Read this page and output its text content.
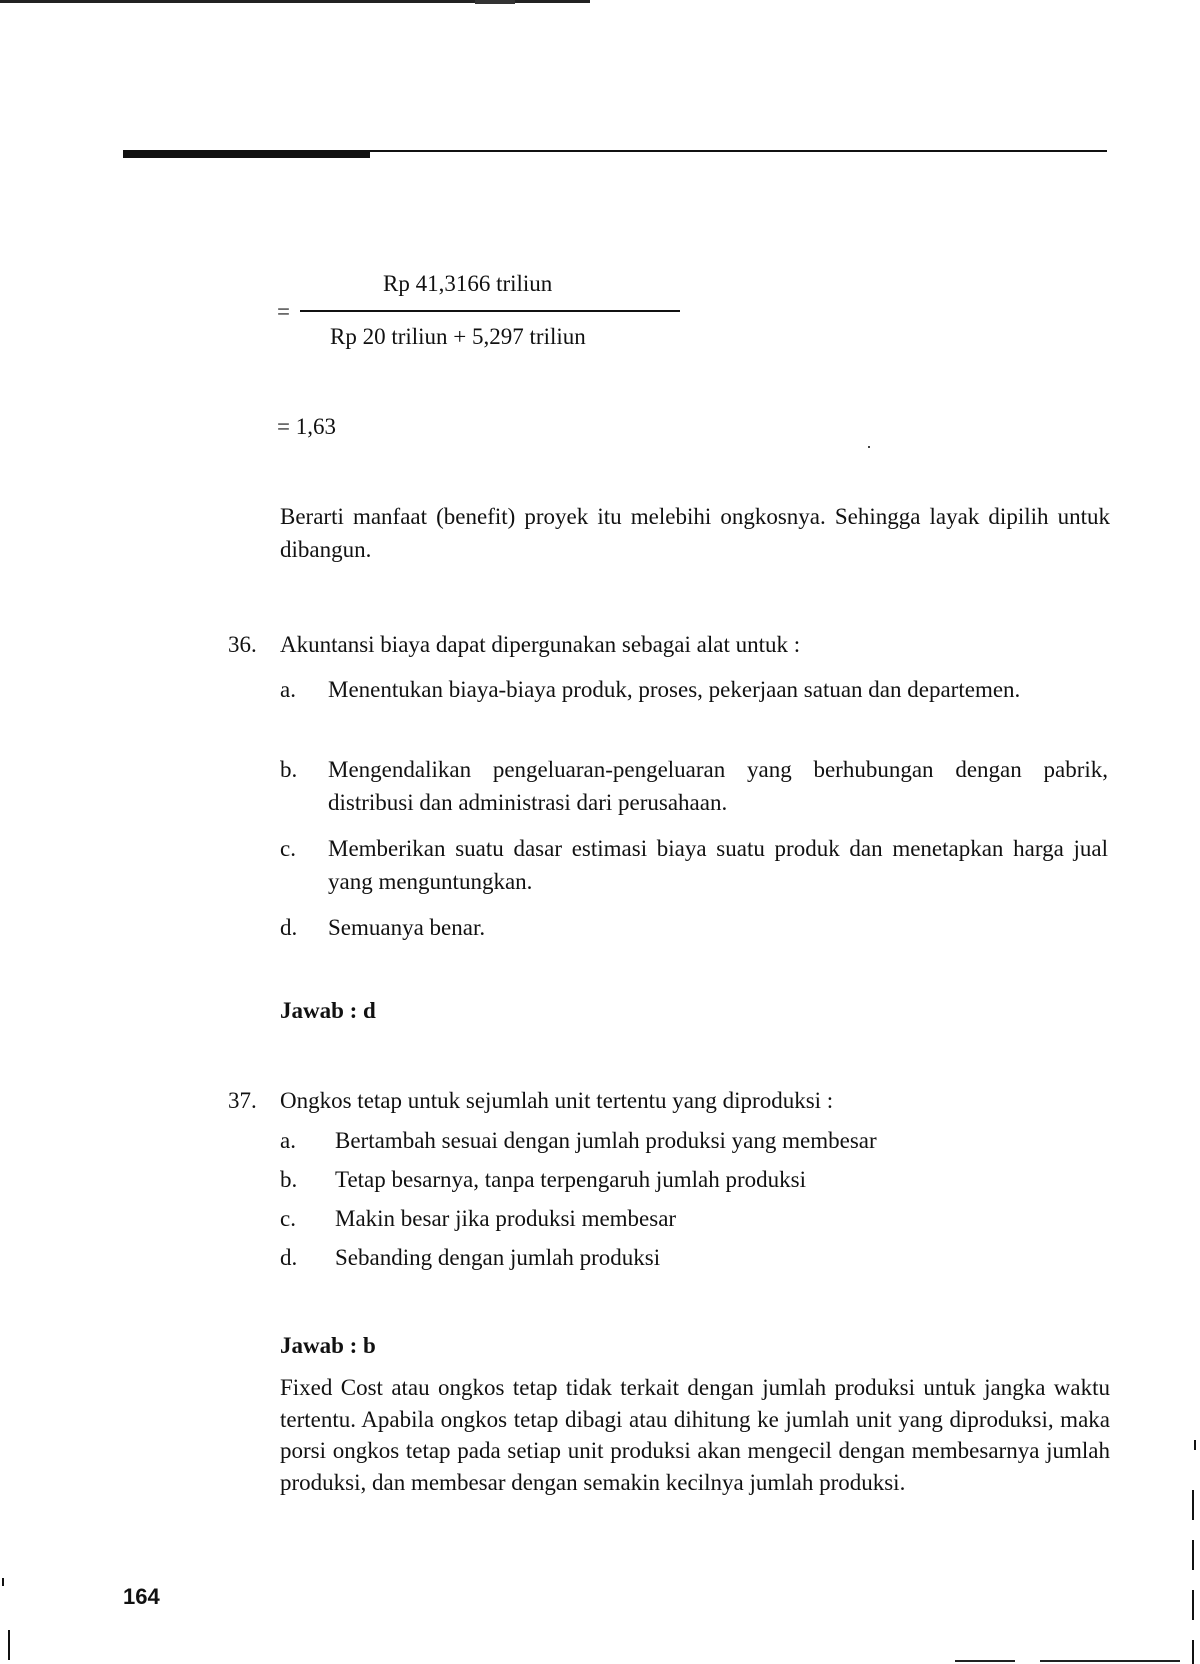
=
Rp 41,3166 triliun
Rp 20 triliun + 5,297 triliun
= 1,63

Berarti manfaat (benefit) proyek itu melebihi ongkosnya. Sehingga layak dipilih untuk dibangun.

36.	Akuntansi biaya dapat dipergunakan sebagai alat untuk :
a.	Menentukan biaya-biaya produk, proses, pekerjaan satuan dan departemen.
b.	Mengendalikan pengeluaran-pengeluaran yang berhubungan dengan pabrik, distribusi dan administrasi dari perusahaan.
c.	Memberikan suatu dasar estimasi biaya suatu produk dan menetapkan harga jual yang menguntungkan.
d.	Semuanya benar.
Jawab : d
37.	Ongkos tetap untuk sejumlah unit tertentu yang diproduksi :
a.	Bertambah sesuai dengan jumlah produksi yang membesar
b.	Tetap besarnya, tanpa terpengaruh jumlah produksi
c.	Makin besar jika produksi membesar
d.	Sebanding dengan jumlah produksi
Jawab : b

Fixed Cost atau ongkos tetap tidak terkait dengan jumlah produksi untuk jangka waktu tertentu. Apabila ongkos tetap dibagi atau dihitung ke jumlah unit yang diproduksi, maka porsi ongkos tetap pada setiap unit produksi akan mengecil dengan membesarnya jumlah produksi, dan membesar dengan semakin kecilnya jumlah produksi.

164
